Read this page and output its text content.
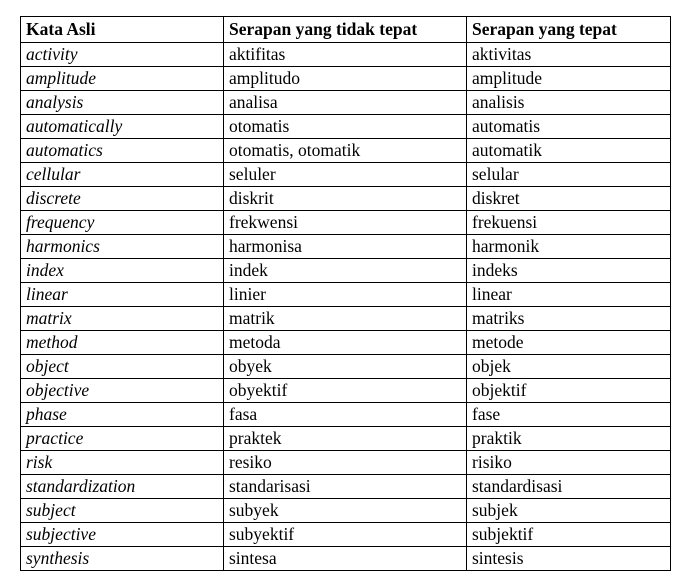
Kata Asli	Serapan yang tidak tepat	Serapan yang tepat
activity	aktifitas	aktivitas
amplitude	amplitudo	amplitude
analysis	analisa	analisis
automatically	otomatis	automatis
automatics	otomatis, otomatik	automatik
cellular	seluler	selular
discrete	diskrit	diskret
frequency	frekwensi	frekuensi
harmonics	harmonisa	harmonik
index	indek	indeks
linear	linier	linear
matrix	matrik	matriks
method	metoda	metode
object	obyek	objek
objective	obyektif	objektif
phase	fasa	fase
practice	praktek	praktik
risk	resiko	risiko
standardization	standarisasi	standardisasi
subject	subyek	subjek
subjective	subyektif	subjektif
synthesis	sintesa	sintesis
